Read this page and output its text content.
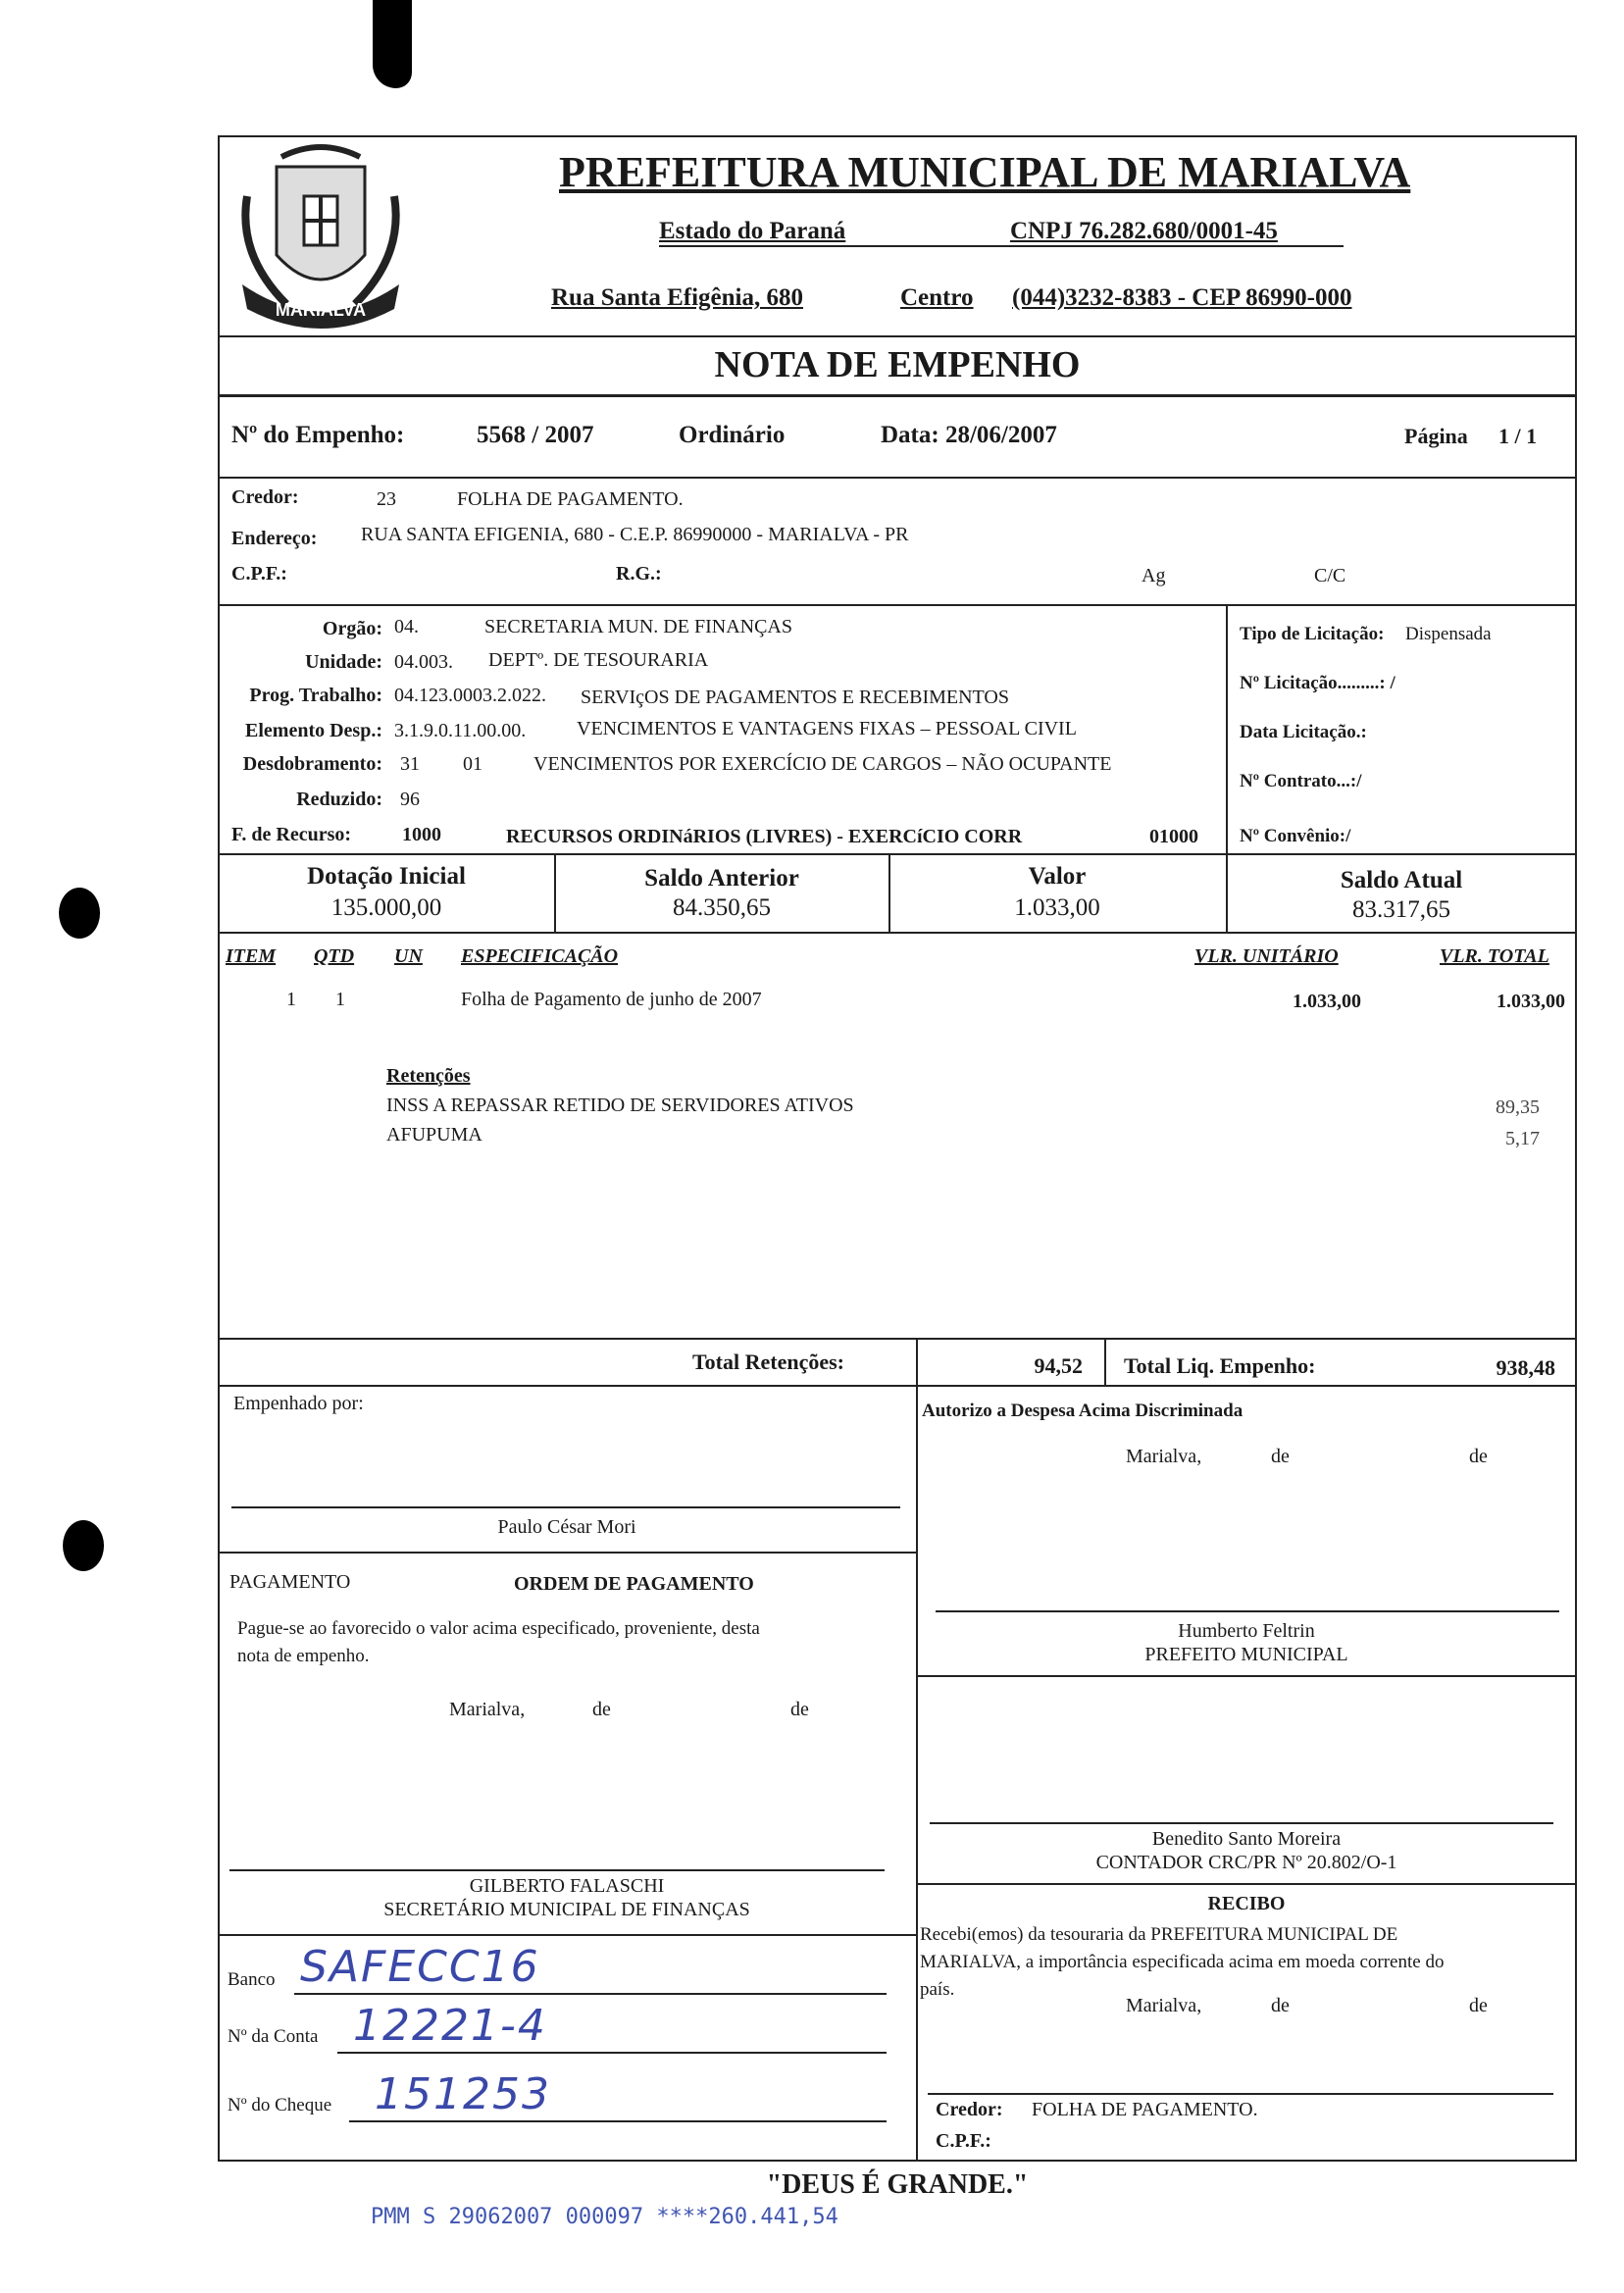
MARIALVA
PREFEITURA MUNICIPAL DE MARIALVA
Estado do Paraná	CNPJ 76.282.680/0001-45
Rua Santa Efigênia, 680	Centro (044)3232-8383 - CEP 86990-000
NOTA DE EMPENHO
Nº do Empenho:	5568 / 2007	Ordinário	Data: 28/06/2007	Página 1 / 1
Credor:	23	FOLHA DE PAGAMENTO.
Endereço: RUA SANTA EFIGENIA, 680 - C.E.P. 86990000 - MARIALVA - PR
C.P.F.:	R.G.:	Ag	C/C
Orgão: 04.	SECRETARIA MUN. DE FINANÇAS
Unidade: 04.003. DEPTº. DE TESOURARIA
Prog. Trabalho: 04.123.0003.2.022. SERVIçOS DE PAGAMENTOS E RECEBIMENTOS
Elemento Desp.: 3.1.9.0.11.00.00.	VENCIMENTOS E VANTAGENS FIXAS – PESSOAL CIVIL
Desdobramento: 31 01	VENCIMENTOS POR EXERCÍCIO DE CARGOS – NÃO OCUPANTE
Reduzido: 96
F. de Recurso:	1000	RECURSOS ORDINáRIOS (LIVRES) - EXERCíCIO CORR	01000
Tipo de Licitação: Dispensada
Nº Licitação.........: /
Data Licitação.:
Nº Contrato...:/
Nº Convênio:/
Dotação Inicial
135.000,00
Saldo Anterior
84.350,65
Valor
1.033,00
Saldo Atual
83.317,65
ITEM QTD UN ESPECIFICAÇÃO	VLR. UNITÁRIO	VLR. TOTAL
1 1	Folha de Pagamento de junho de 2007	1.033,00	1.033,00
Retenções
INSS A REPASSAR RETIDO DE SERVIDORES ATIVOS	89,35
AFUPUMA	5,17
Total Retenções:	94,52 Total Liq. Empenho:	938,48
Empenhado por:
Paulo César Mori
PAGAMENTO	ORDEM DE PAGAMENTO
Pague-se ao favorecido o valor acima especificado, proveniente, desta
nota de empenho.
Marialva,	de	de
GILBERTO FALASCHI
SECRETÁRIO MUNICIPAL DE FINANÇAS
Banco SAFECC16
Nº da Conta 12221-4
Nº do Cheque 151253
Autorizo a Despesa Acima Discriminada
Marialva,	de	de
Humberto Feltrin
PREFEITO MUNICIPAL
Benedito Santo Moreira
CONTADOR CRC/PR Nº 20.802/O-1
RECIBO
Recebi(emos) da tesouraria da PREFEITURA MUNICIPAL DE
MARIALVA, a importância especificada acima em moeda corrente do
país.
Marialva,	de	de
Credor: FOLHA DE PAGAMENTO.
C.P.F.:
"DEUS É GRANDE."
PMM S 29062007 000097 ****260.441,54
